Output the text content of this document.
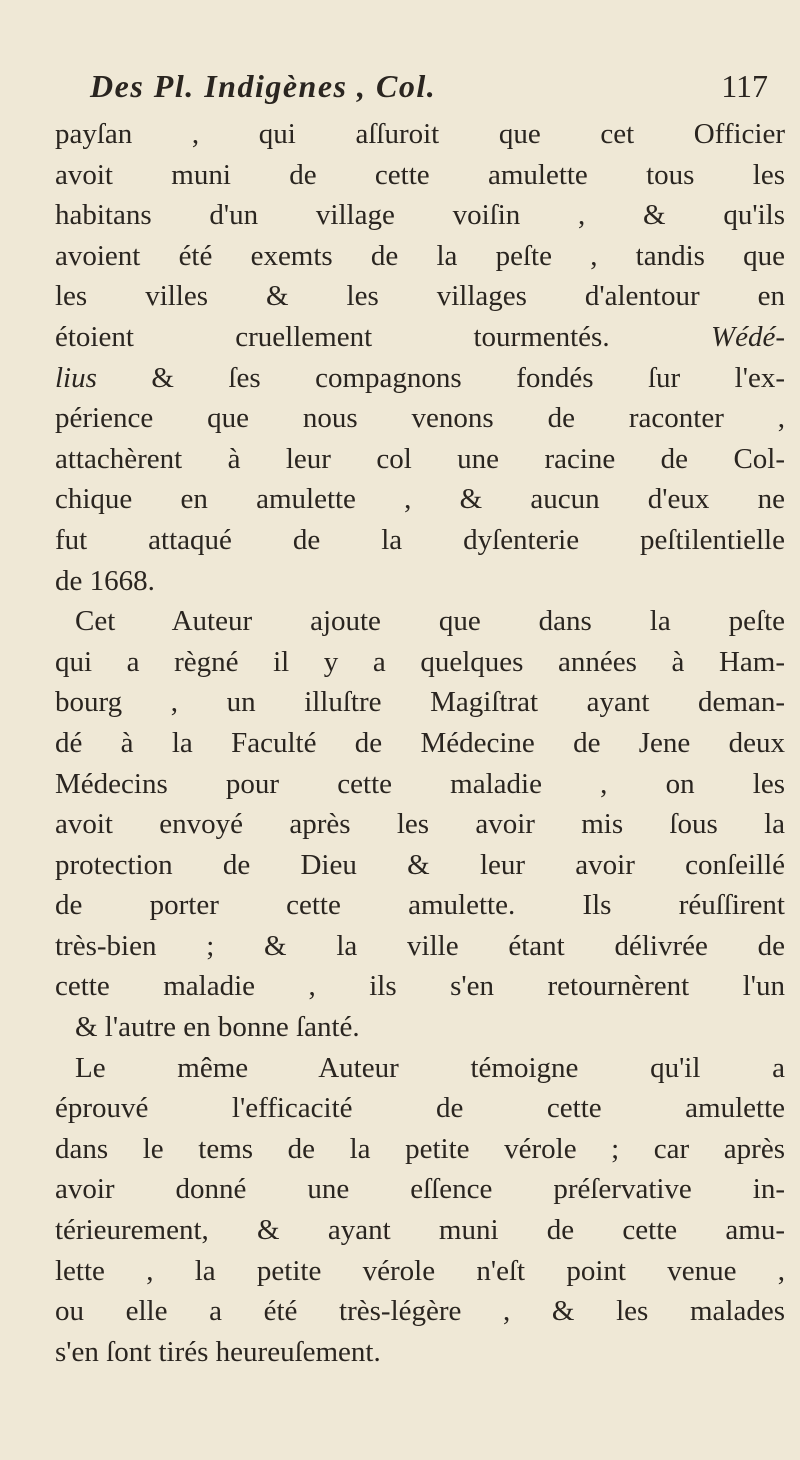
Des Pl. Indigènes , Col.	117
payſan , qui aſſuroit que cet Officier
avoit muni de cette amulette tous les
habitans d'un village voiſin , & qu'ils
avoient été exemts de la peſte , tandis que
les villes & les villages d'alentour en
étoient cruellement tourmentés.	Wédé-
lius & ſes compagnons fondés ſur l'ex-
périence que nous venons de raconter ,
attachèrent à leur col une racine de Col-
chique en amulette , & aucun d'eux ne
fut attaqué de la dyſenterie peſtilentielle
de 1668.
Cet Auteur ajoute que dans la peſte
qui a règné il y a quelques années à Ham-
bourg , un illuſtre Magiſtrat ayant deman-
dé à la Faculté de Médecine de Jene deux
Médecins pour cette maladie , on les
avoit envoyé après les avoir mis ſous la
protection de Dieu & leur avoir conſeillé
de porter cette amulette. Ils réuſſirent
très-bien ; & la ville étant délivrée de
cette maladie , ils s'en retournèrent l'un
& l'autre en bonne ſanté.
Le même Auteur témoigne qu'il a
éprouvé l'efficacité de cette amulette
dans le tems de la petite vérole ; car après
avoir donné une eſſence préſervative in-
térieurement, & ayant muni de cette amu-
lette , la petite vérole n'eſt point venue ,
ou elle a été très-légère , & les malades
s'en ſont tirés heureuſement.
